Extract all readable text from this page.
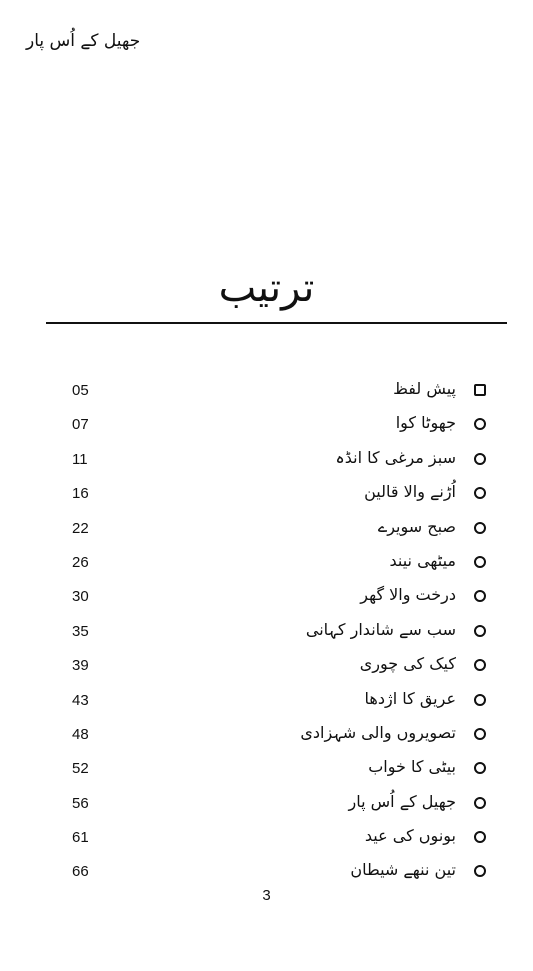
جھیل کے اُس پار
ترتیب
05	پیش لفظ
07	جھوٹا کوا
11	سبز مرغی کا انڈہ
16	اُڑنے والا قالین
22	صبح سویرے
26	میٹھی نیند
30	درخت والا گھر
35	سب سے شاندار کہانی
39	کیک کی چوری
43	عریق کا اژدھا
48	تصویروں والی شہزادی
52	بیٹی کا خواب
56	جھیل کے اُس پار
61	بونوں کی عید
66	تین ننھے شیطان
3
